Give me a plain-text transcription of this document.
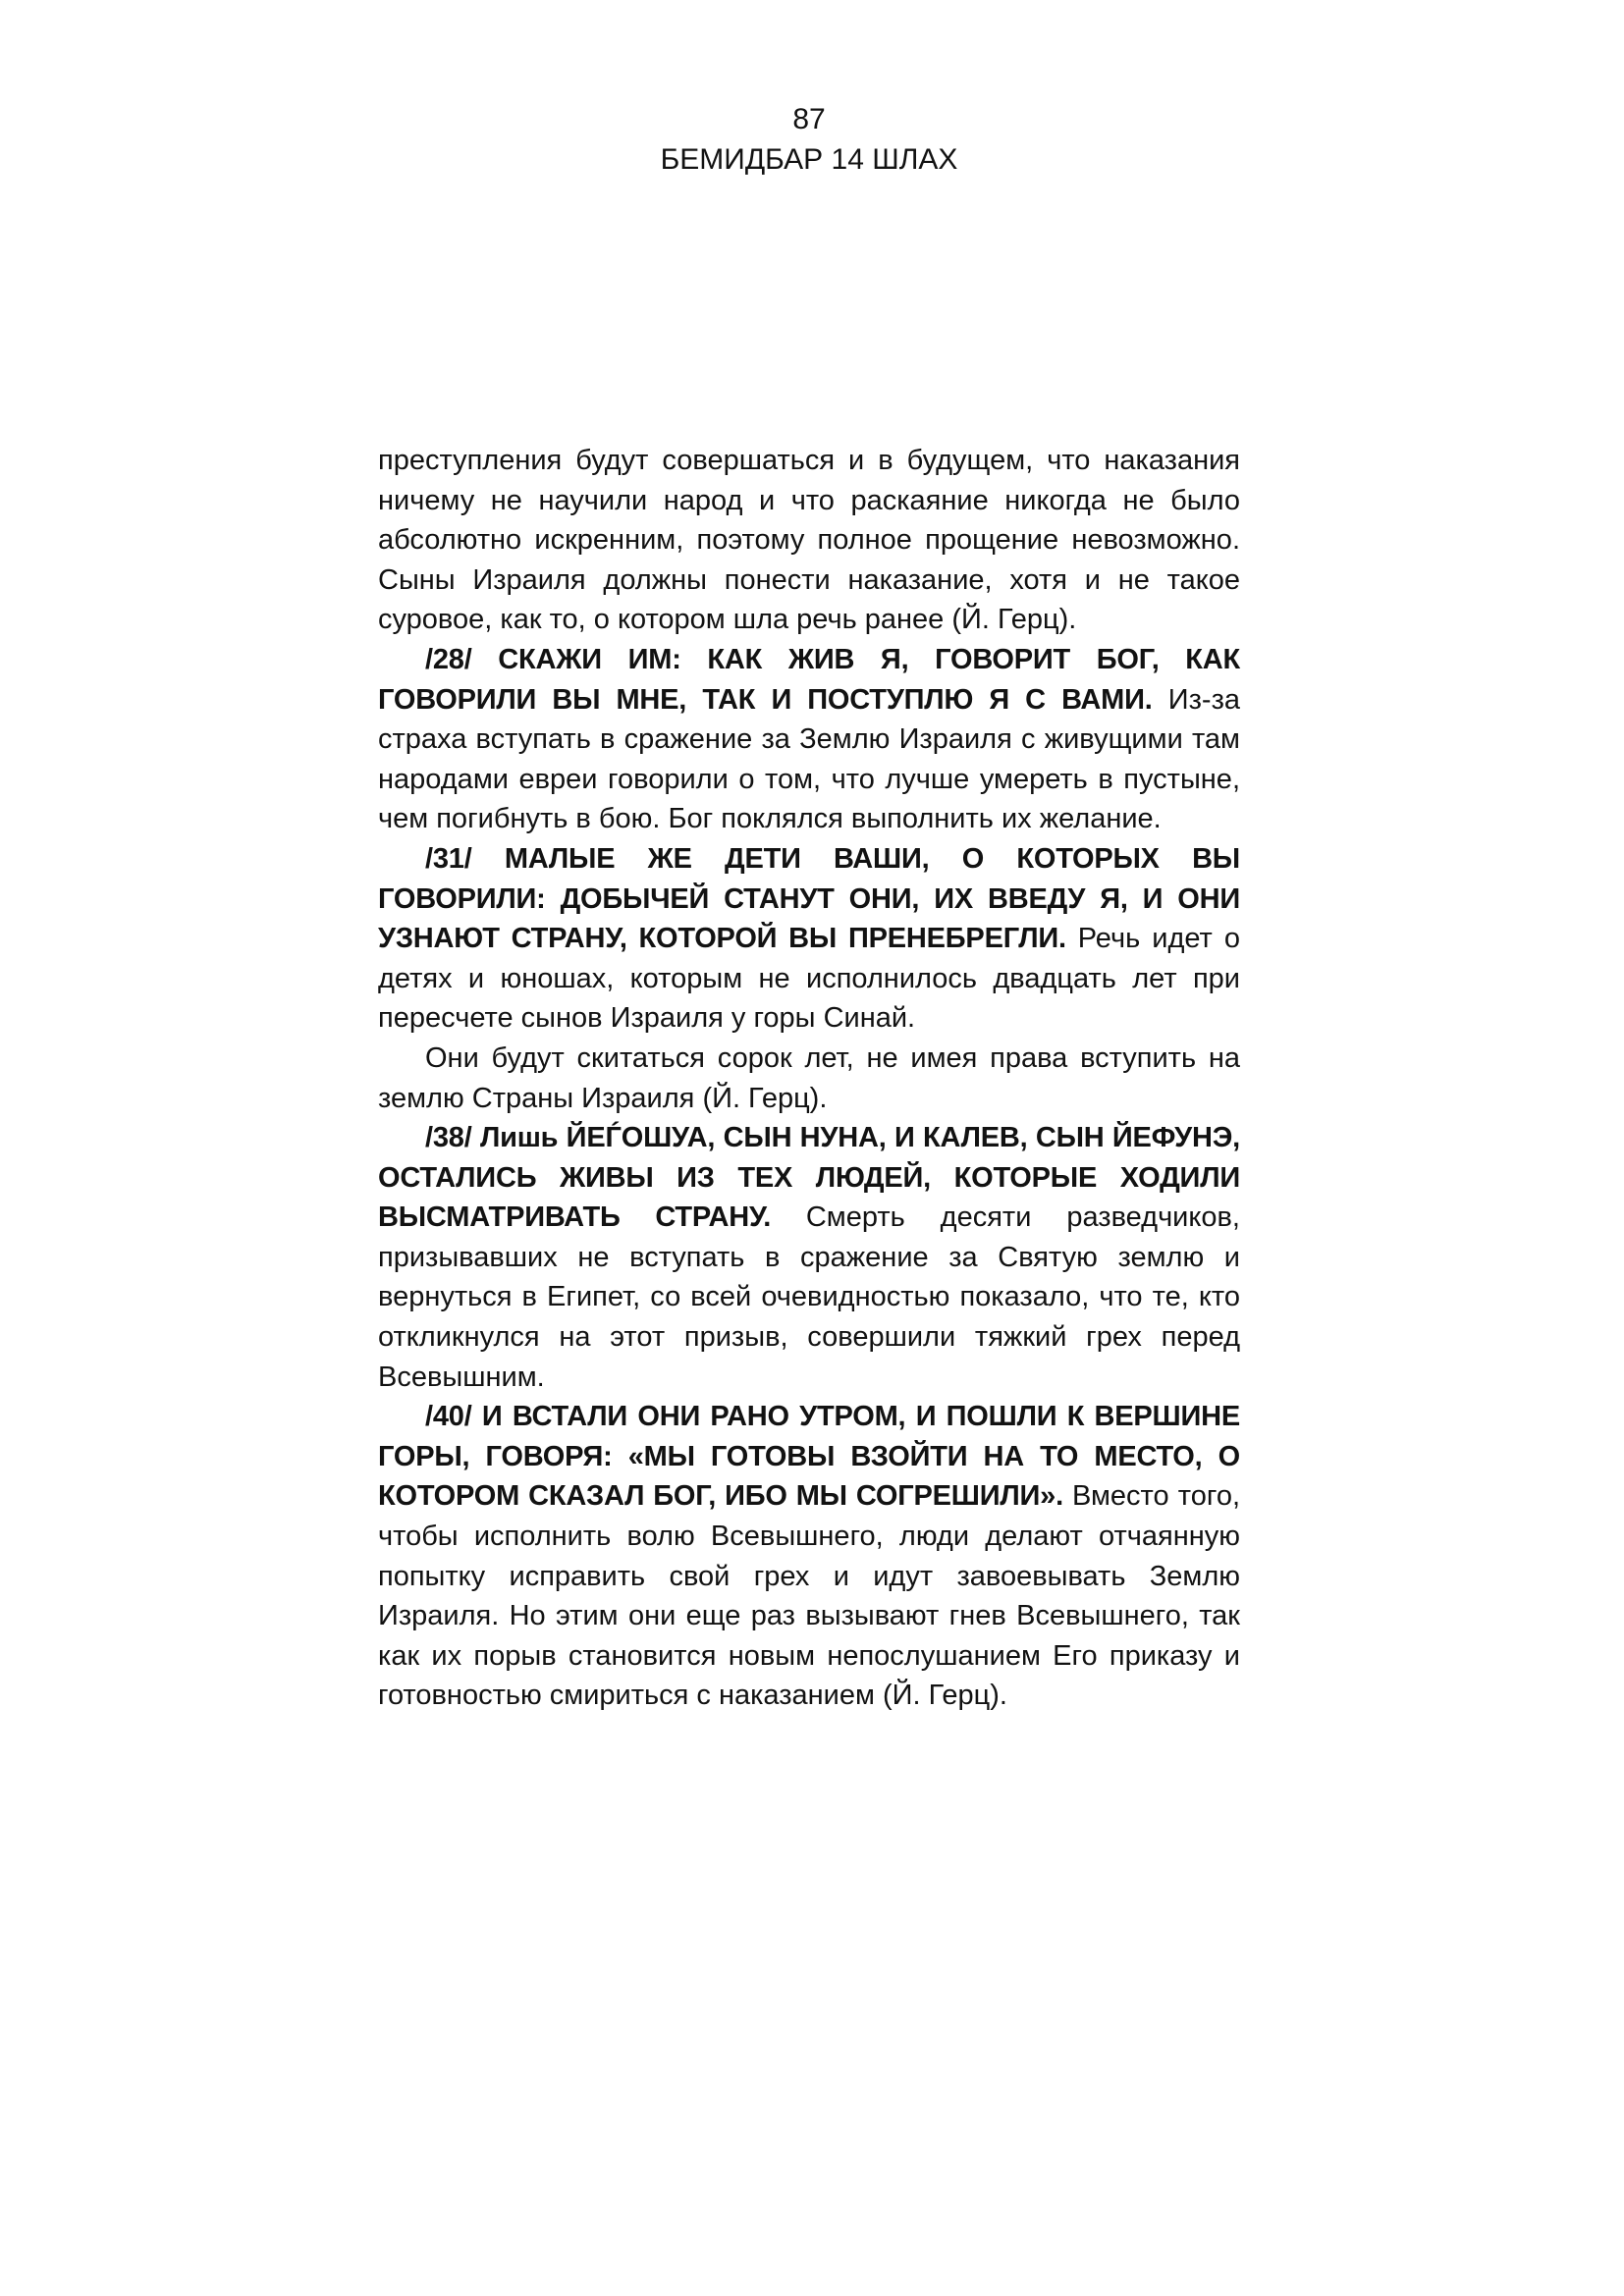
87
БЕМИДБАР 14 ШЛАХ

преступления будут совершаться и в будущем, что наказания ничему не научили народ и что раскаяние никогда не было абсолютно искренним, поэтому полное прощение невозможно. Сыны Израиля должны понести наказание, хотя и не такое суровое, как то, о котором шла речь ранее (Й. Герц).

/28/ СКАЖИ ИМ: КАК ЖИВ Я, ГОВОРИТ БОГ, КАК ГОВОРИЛИ ВЫ МНЕ, ТАК И ПОСТУПЛЮ Я С ВАМИ. Из-за страха вступать в сражение за Землю Израиля с живущими там народами евреи говорили о том, что лучше умереть в пустыне, чем погибнуть в бою. Бог поклялся выполнить их желание.

/31/ МАЛЫЕ ЖЕ ДЕТИ ВАШИ, О КОТОРЫХ ВЫ ГОВОРИЛИ: ДОБЫЧЕЙ СТАНУТ ОНИ, ИХ ВВЕДУ Я, И ОНИ УЗНАЮТ СТРАНУ, КОТОРОЙ ВЫ ПРЕНЕБРЕГЛИ. Речь идет о детях и юношах, которым не исполнилось двадцать лет при пересчете сынов Израиля у горы Синай.

Они будут скитаться сорок лет, не имея права вступить на землю Страны Израиля (Й. Герц).

/38/ Лишь ЙЕЃОШУА, СЫН НУНА, И КАЛЕВ, СЫН ЙЕФУНЭ, ОСТАЛИСЬ ЖИВЫ ИЗ ТЕХ ЛЮДЕЙ, КОТОРЫЕ ХОДИЛИ ВЫСМАТРИВАТЬ СТРАНУ. Смерть десяти разведчиков, призывавших не вступать в сражение за Святую землю и вернуться в Египет, со всей очевидностью показало, что те, кто откликнулся на этот призыв, совершили тяжкий грех перед Всевышним.

/40/ И ВСТАЛИ ОНИ РАНО УТРОМ, И ПОШЛИ К ВЕРШИНЕ ГОРЫ, ГОВОРЯ: «МЫ ГОТОВЫ ВЗОЙТИ НА ТО МЕСТО, О КОТОРОМ СКАЗАЛ БОГ, ИБО МЫ СОГРЕШИЛИ». Вместо того, чтобы исполнить волю Всевышнего, люди делают отчаянную попытку исправить свой грех и идут завоевывать Землю Израиля. Но этим они еще раз вызывают гнев Всевышнего, так как их порыв становится новым непослушанием Его приказу и готовностью смириться с наказанием (Й. Герц).
